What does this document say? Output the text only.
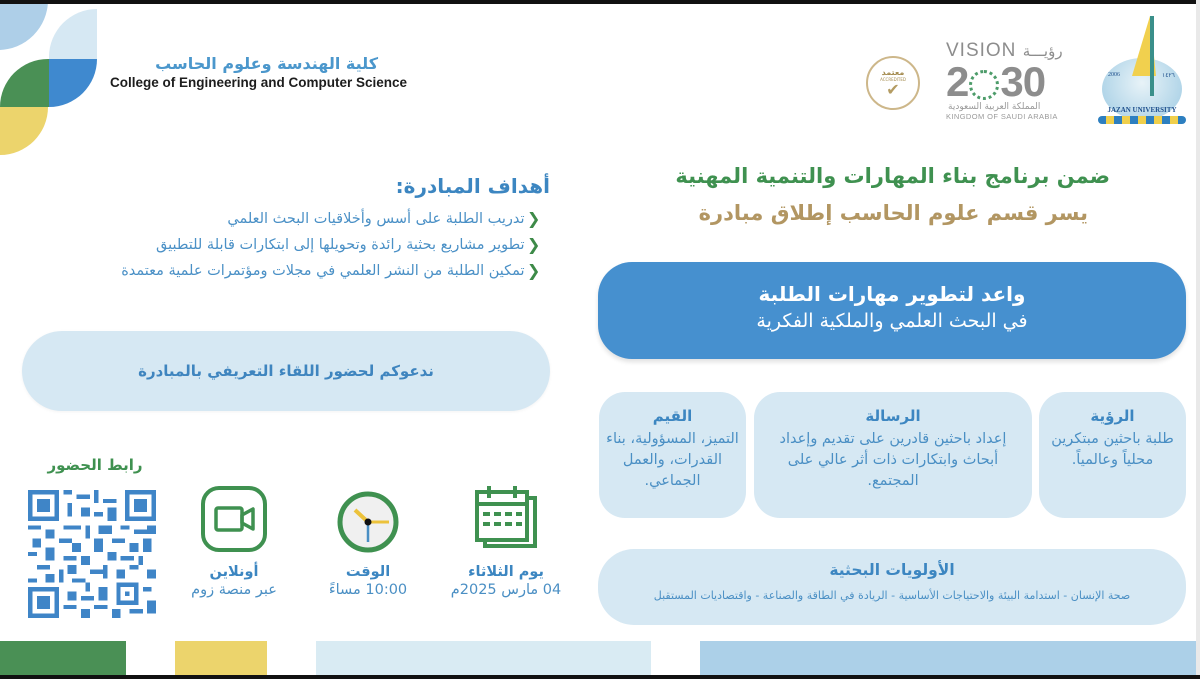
كلية الهندسة وعلوم الحاسب
College of Engineering and Computer Science
معتمد
ACCREDITED
✔
VISION رؤيـــة
2 30
المملكة العربية السعودية
KINGDOM OF SAUDI ARABIA
2006	١٤٢٦
JAZAN UNIVERSITY
ضمن برنامج بناء المهارات والتنمية المهنية
يسر قسم علوم الحاسب إطلاق مبادرة
أهداف المبادرة:
❯
تدريب الطلبة على أسس وأخلاقيات البحث العلمي
❯
تطوير مشاريع بحثية رائدة وتحويلها إلى ابتكارات قابلة للتطبيق
❯
تمكين الطلبة من النشر العلمي في مجلات ومؤتمرات علمية معتمدة
ندعوكم لحضور اللقاء التعريفي بالمبادرة
واعد لتطوير مهارات الطلبة
في البحث العلمي والملكية الفكرية
الرؤية
طلبة باحثين مبتكرين محلياً وعالمياً.
الرسالة
إعداد باحثين قادرين على تقديم وإعداد أبحاث وابتكارات ذات أثر عالي على المجتمع.
القيم
التميز، المسؤولية، بناء القدرات، والعمل الجماعي.
الأولويات البحثية
صحة الإنسان - استدامة البيئة والاحتياجات الأساسية - الريادة في الطاقة والصناعة - واقتصاديات المستقبل
يوم الثلاثاء
04 مارس 2025م
الوقت
10:00 مساءً
أونلاين
عبر منصة زوم
رابط الحضور
